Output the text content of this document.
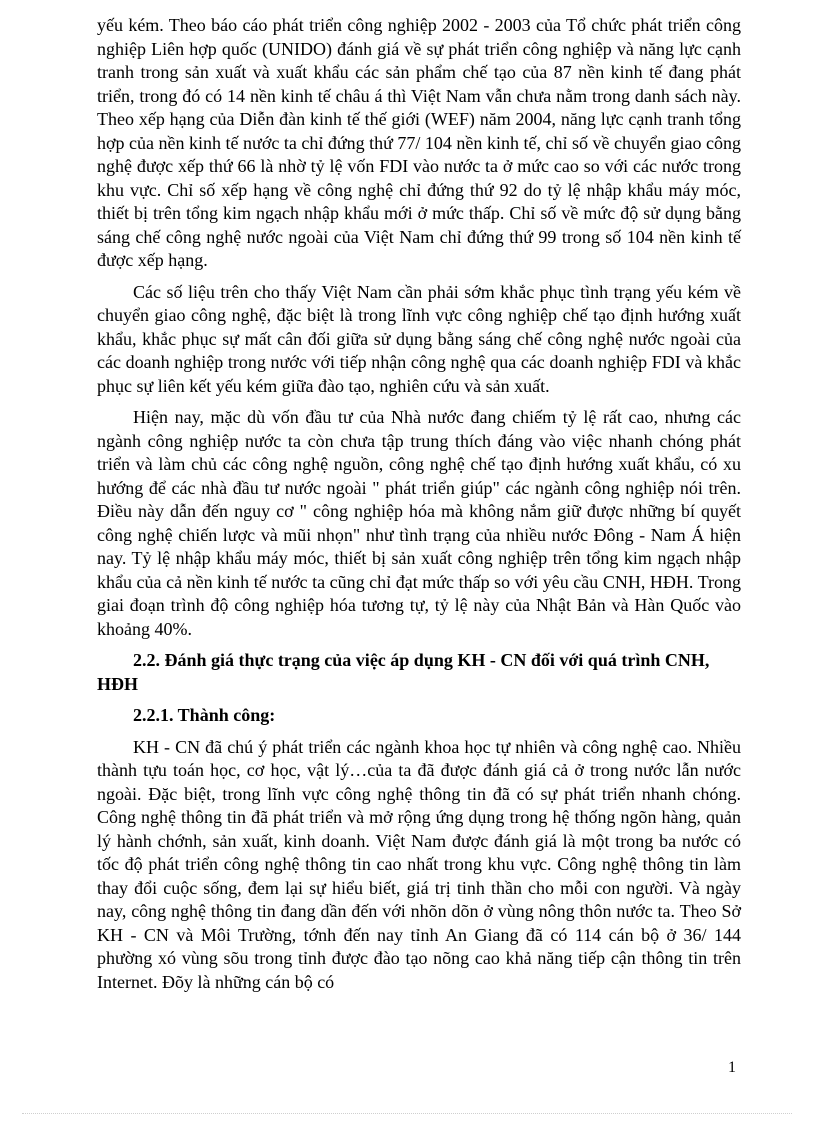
yếu kém. Theo báo cáo phát triển công nghiệp 2002 - 2003 của Tổ chức phát triển công nghiệp Liên hợp quốc (UNIDO) đánh giá về sự phát triển công nghiệp và năng lực cạnh tranh trong sản xuất và xuất khẩu các sản phẩm chế tạo của 87 nền kinh tế đang phát triển, trong đó có 14 nền kinh tế châu á thì Việt Nam vẫn chưa nằm trong danh sách này. Theo xếp hạng của Diễn đàn kinh tế thế giới (WEF) năm 2004, năng lực cạnh tranh tổng hợp của nền kinh tế nước ta chỉ đứng thứ 77/ 104 nền kinh tế, chỉ số về chuyển giao công nghệ được xếp thứ 66 là nhờ tỷ lệ vốn FDI vào nước ta ở mức cao so với các nước trong khu vực. Chỉ số xếp hạng về công nghệ chỉ đứng thứ 92 do tỷ lệ nhập khẩu máy móc, thiết bị trên tổng kim ngạch nhập khẩu mới ở mức thấp. Chỉ số về mức độ sử dụng bằng sáng chế công nghệ nước ngoài của Việt Nam chỉ đứng thứ 99 trong số 104 nền kinh tế được xếp hạng.

Các số liệu trên cho thấy Việt Nam cần phải sớm khắc phục tình trạng yếu kém về chuyển giao công nghệ, đặc biệt là trong lĩnh vực công nghiệp chế tạo định hướng xuất khẩu, khắc phục sự mất cân đối giữa sử dụng bằng sáng chế công nghệ nước ngoài của các doanh nghiệp trong nước với tiếp nhận công nghệ qua các doanh nghiệp FDI và khắc phục sự liên kết yếu kém giữa đào tạo, nghiên cứu và sản xuất.

Hiện nay, mặc dù vốn đầu tư của Nhà nước đang chiếm tỷ lệ rất cao, nhưng các ngành công nghiệp nước ta còn chưa tập trung thích đáng vào việc nhanh chóng phát triển và làm chủ các công nghệ nguồn, công nghệ chế tạo định hướng xuất khẩu, có xu hướng để các nhà đầu tư nước ngoài " phát triển giúp" các ngành công nghiệp nói trên. Điều này dẫn đến nguy cơ " công nghiệp hóa mà không nắm giữ được những bí quyết công nghệ chiến lược và mũi nhọn" như tình trạng của nhiều nước Đông - Nam Á hiện nay. Tỷ lệ nhập khẩu máy móc, thiết bị sản xuất công nghiệp trên tổng kim ngạch nhập khẩu của cả nền kinh tế nước ta cũng chỉ đạt mức thấp so với yêu cầu CNH, HĐH. Trong giai đoạn trình độ công nghiệp hóa tương tự, tỷ lệ này của Nhật Bản và Hàn Quốc vào khoảng 40%.

2.2. Đánh giá thực trạng của việc áp dụng KH - CN đối với quá trình CNH, HĐH

2.2.1. Thành công:

KH - CN đã chú ý phát triển các ngành khoa học tự nhiên và công nghệ cao. Nhiều thành tựu toán học, cơ học, vật lý…của ta đã được đánh giá cả ở trong nước lẫn nước ngoài. Đặc biệt, trong lĩnh vực công nghệ thông tin đã có sự phát triển nhanh chóng. Công nghệ thông tin đã phát triển và mở rộng ứng dụng trong hệ thống ngõn hàng, quản lý hành chớnh, sản xuất, kinh doanh. Việt Nam được đánh giá là một trong ba nước có tốc độ phát triển công nghệ thông tin cao nhất trong khu vực. Công nghệ thông tin làm thay đổi cuộc sống, đem lại sự hiểu biết, giá trị tinh thần cho mỗi con người. Và ngày nay, công nghệ thông tin đang dần đến với nhõn dõn ở vùng nông thôn nước ta. Theo Sở KH - CN và Môi Trường, tớnh đến nay tỉnh An Giang đã có 114 cán bộ ở 36/ 144 phường xó vùng sõu trong tỉnh được đào tạo nõng cao khả năng tiếp cận thông tin trên Internet. Đõy là những cán bộ có

1
